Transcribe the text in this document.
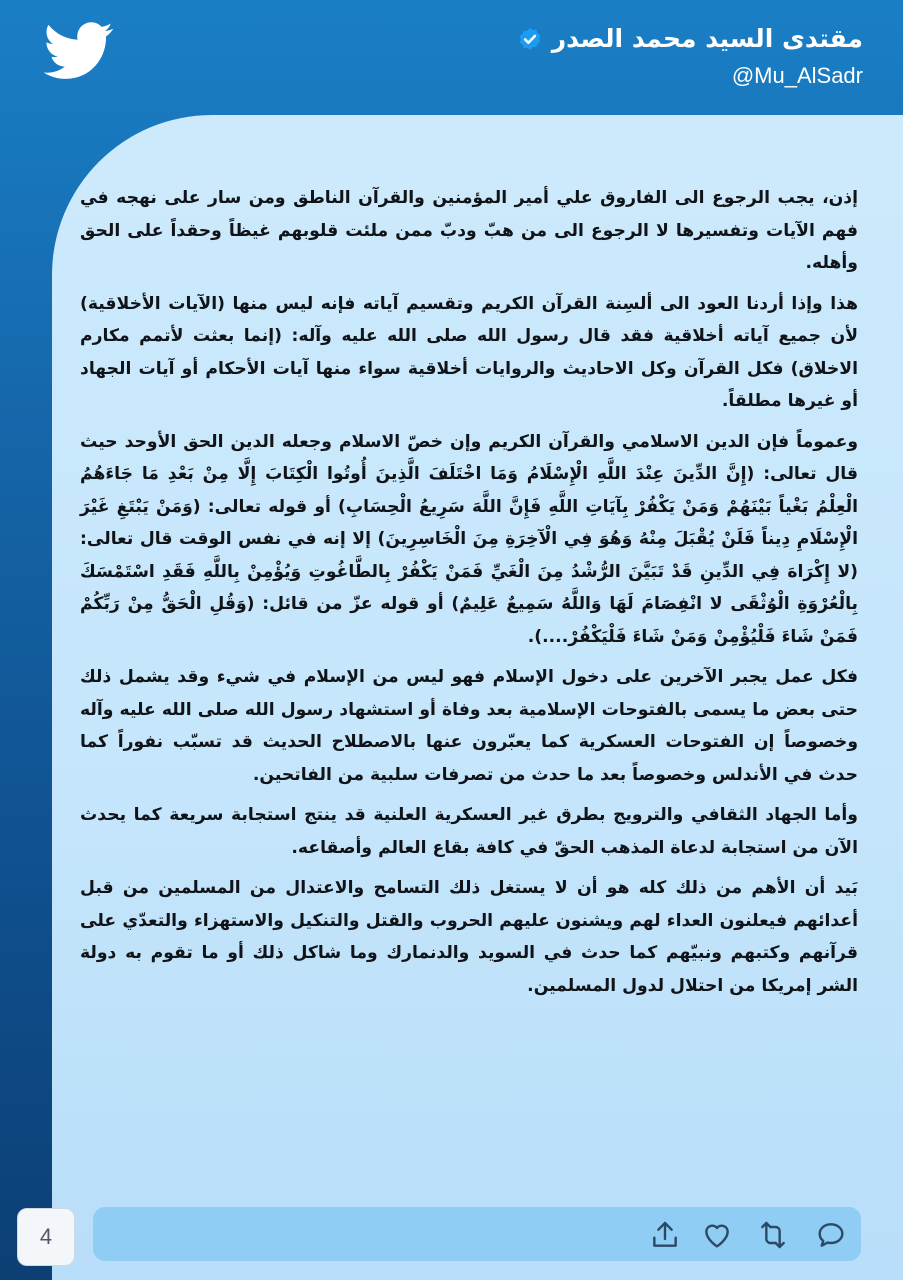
مقتدى السيد محمد الصدر
@Mu_AlSadr

إذن، يجب الرجوع الى الفاروق علي أمير المؤمنين والقرآن الناطق ومن سار على نهجه في فهم الآيات وتفسيرها لا الرجوع الى من هبّ ودبّ ممن ملئت قلوبهم غيظاً وحقداً على الحق وأهله.

هذا وإذا أردنا العود الى ألسِنة القرآن الكريم وتقسيم آياته فإنه ليس منها (الآيات الأخلاقية) لأن جميع آياته أخلاقية فقد قال رسول الله صلى الله عليه وآله: (إنما بعثت لأتمم مكارم الاخلاق) فكل القرآن وكل الاحاديث والروايات أخلاقية سواء منها آيات الأحكام أو آيات الجهاد أو غيرها مطلقاً.

وعموماً فإن الدين الاسلامي والقرآن الكريم وإن خصّ الاسلام وجعله الدين الحق الأوحد حيث قال تعالى: (إِنَّ الدِّينَ عِنْدَ اللَّهِ الْإِسْلَامُ وَمَا اخْتَلَفَ الَّذِينَ أُوتُوا الْكِتَابَ إِلَّا مِنْ بَعْدِ مَا جَاءَهُمُ الْعِلْمُ بَغْياً بَيْنَهُمْ وَمَنْ يَكْفُرْ بِآيَاتِ اللَّهِ فَإِنَّ اللَّهَ سَرِيعُ الْحِسَابِ) أو قوله تعالى: (وَمَنْ يَبْتَغِ غَيْرَ الْإِسْلَامِ دِيناً فَلَنْ يُقْبَلَ مِنْهُ وَهُوَ فِي الْآخِرَةِ مِنَ الْخَاسِرِينَ) إلا إنه في نفس الوقت قال تعالى: (لا إِكْرَاهَ فِي الدِّينِ قَدْ تَبَيَّنَ الرُّشْدُ مِنَ الْغَيِّ فَمَنْ يَكْفُرْ بِالطَّاغُوتِ وَيُؤْمِنْ بِاللَّهِ فَقَدِ اسْتَمْسَكَ بِالْعُرْوَةِ الْوُثْقَى لا انْفِصَامَ لَهَا وَاللَّهُ سَمِيعٌ عَلِيمٌ) أو قوله عزّ من قائل: (وَقُلِ الْحَقُّ مِنْ رَبِّكُمْ فَمَنْ شَاءَ فَلْيُؤْمِنْ وَمَنْ شَاءَ فَلْيَكْفُرْ....).

فكل عمل يجبر الآخرين على دخول الإسلام فهو ليس من الإسلام في شيء وقد يشمل ذلك حتى بعض ما يسمى بالفتوحات الإسلامية بعد وفاة أو استشهاد رسول الله صلى الله عليه وآله وخصوصاً إن الفتوحات العسكرية كما يعبّرون عنها بالاصطلاح الحديث قد تسبّب نفوراً كما حدث في الأندلس وخصوصاً بعد ما حدث من تصرفات سلبية من الفاتحين.

وأما الجهاد الثقافي والترويج بطرق غير العسكرية العلنية قد ينتج استجابة سريعة كما يحدث الآن من استجابة لدعاة المذهب الحقّ في كافة بقاع العالم وأصقاعه.

بَيد أن الأهم من ذلك كله هو أن لا يستغل ذلك التسامح والاعتدال من المسلمين من قبل أعدائهم فيعلنون العداء لهم ويشنون عليهم الحروب والقتل والتنكيل والاستهزاء والتعدّي على قرآنهم وكتبهم ونبيّهم كما حدث في السويد والدنمارك وما شاكل ذلك أو ما تقوم به دولة الشر إمريكا من احتلال لدول المسلمين.

4
